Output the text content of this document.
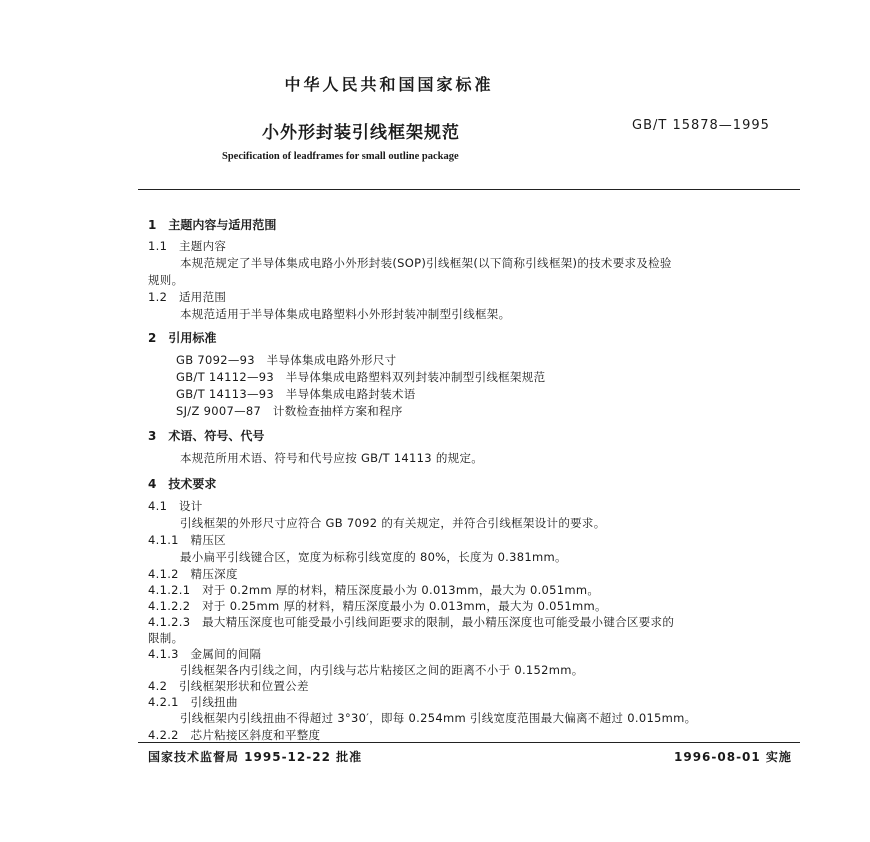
中华人民共和国国家标准
小外形封装引线框架规范	GB/T 15878—1995
Specification of leadframes for small outline package
1　主题内容与适用范围
1.1　主题内容
本规范规定了半导体集成电路小外形封装(SOP)引线框架(以下简称引线框架)的技术要求及检验
规则。
1.2　适用范围
本规范适用于半导体集成电路塑料小外形封装冲制型引线框架。
2　引用标准
GB 7092—93　半导体集成电路外形尺寸
GB/T 14112—93　半导体集成电路塑料双列封装冲制型引线框架规范
GB/T 14113—93　半导体集成电路封装术语
SJ/Z 9007—87　计数检查抽样方案和程序
3　术语、符号、代号
本规范所用术语、符号和代号应按 GB/T 14113 的规定。
4　技术要求
4.1　设计
引线框架的外形尺寸应符合 GB 7092 的有关规定，并符合引线框架设计的要求。
4.1.1　精压区
最小扁平引线键合区，宽度为标称引线宽度的 80%，长度为 0.381mm。
4.1.2　精压深度
4.1.2.1　对于 0.2mm 厚的材料，精压深度最小为 0.013mm，最大为 0.051mm。
4.1.2.2　对于 0.25mm 厚的材料，精压深度最小为 0.013mm，最大为 0.051mm。
4.1.2.3　最大精压深度也可能受最小引线间距要求的限制，最小精压深度也可能受最小键合区要求的
限制。
4.1.3　金属间的间隔
引线框架各内引线之间，内引线与芯片粘接区之间的距离不小于 0.152mm。
4.2　引线框架形状和位置公差
4.2.1　引线扭曲
引线框架内引线扭曲不得超过 3°30′，即每 0.254mm 引线宽度范围最大偏离不超过 0.015mm。
4.2.2　芯片粘接区斜度和平整度
国家技术监督局 1995-12-22 批准	1996-08-01 实施
